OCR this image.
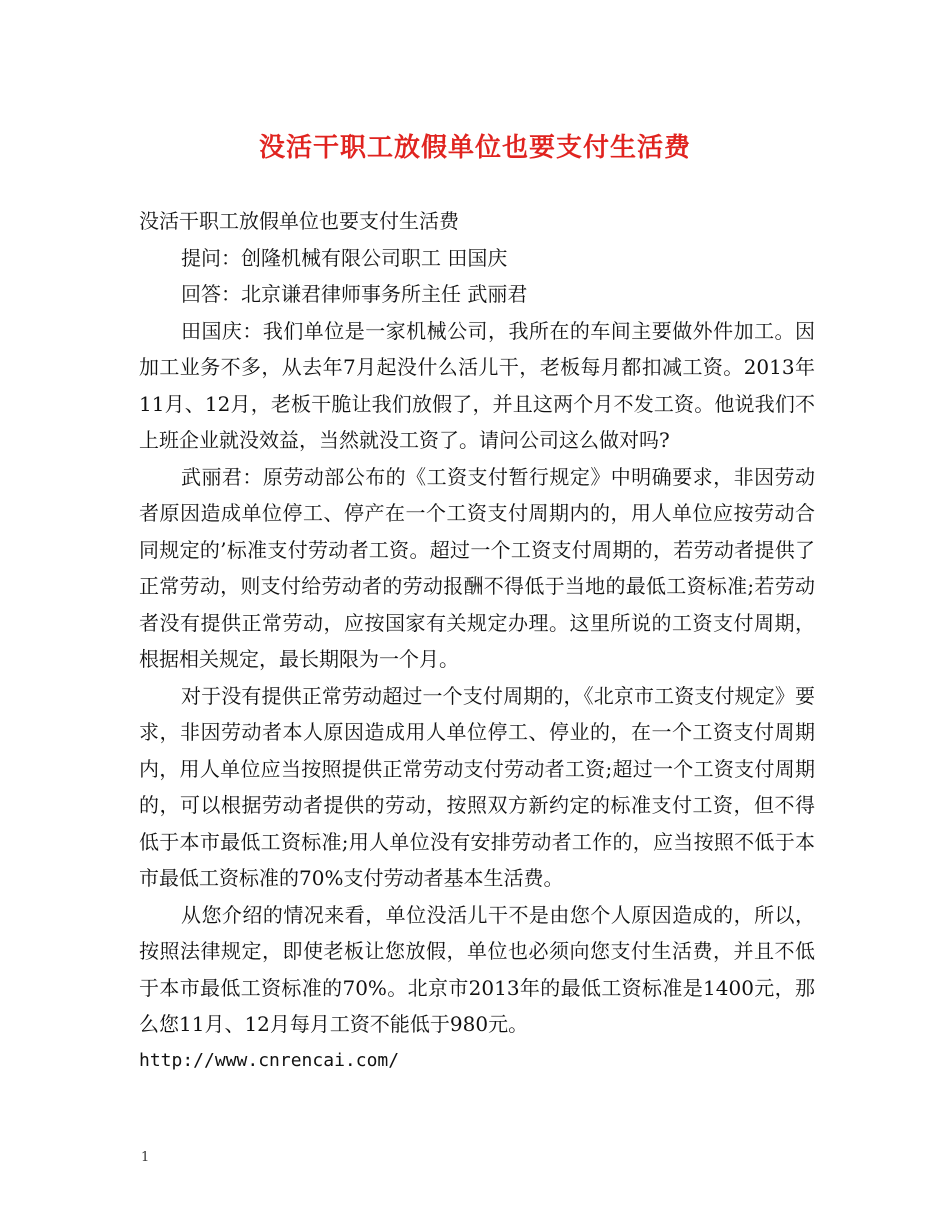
没活干职工放假单位也要支付生活费

没活干职工放假单位也要支付生活费

提问：创隆机械有限公司职工 田国庆

回答：北京谦君律师事务所主任 武丽君

田国庆：我们单位是一家机械公司，我所在的车间主要做外件加工。因加工业务不多，从去年7月起没什么活儿干，老板每月都扣减工资。2013年11月、12月，老板干脆让我们放假了，并且这两个月不发工资。他说我们不上班企业就没效益，当然就没工资了。请问公司这么做对吗?

武丽君：原劳动部公布的《工资支付暂行规定》中明确要求，非因劳动者原因造成单位停工、停产在一个工资支付周期内的，用人单位应按劳动合同规定的’标准支付劳动者工资。超过一个工资支付周期的，若劳动者提供了正常劳动，则支付给劳动者的劳动报酬不得低于当地的最低工资标准;若劳动者没有提供正常劳动，应按国家有关规定办理。这里所说的工资支付周期，根据相关规定，最长期限为一个月。

对于没有提供正常劳动超过一个支付周期的，《北京市工资支付规定》要求，非因劳动者本人原因造成用人单位停工、停业的，在一个工资支付周期内，用人单位应当按照提供正常劳动支付劳动者工资;超过一个工资支付周期的，可以根据劳动者提供的劳动，按照双方新约定的标准支付工资，但不得低于本市最低工资标准;用人单位没有安排劳动者工作的，应当按照不低于本市最低工资标准的70%支付劳动者基本生活费。

从您介绍的情况来看，单位没活儿干不是由您个人原因造成的，所以，按照法律规定，即使老板让您放假，单位也必须向您支付生活费，并且不低于本市最低工资标准的70%。北京市2013年的最低工资标准是1400元，那么您11月、12月每月工资不能低于980元。

http://www.cnrencai.com/

1
